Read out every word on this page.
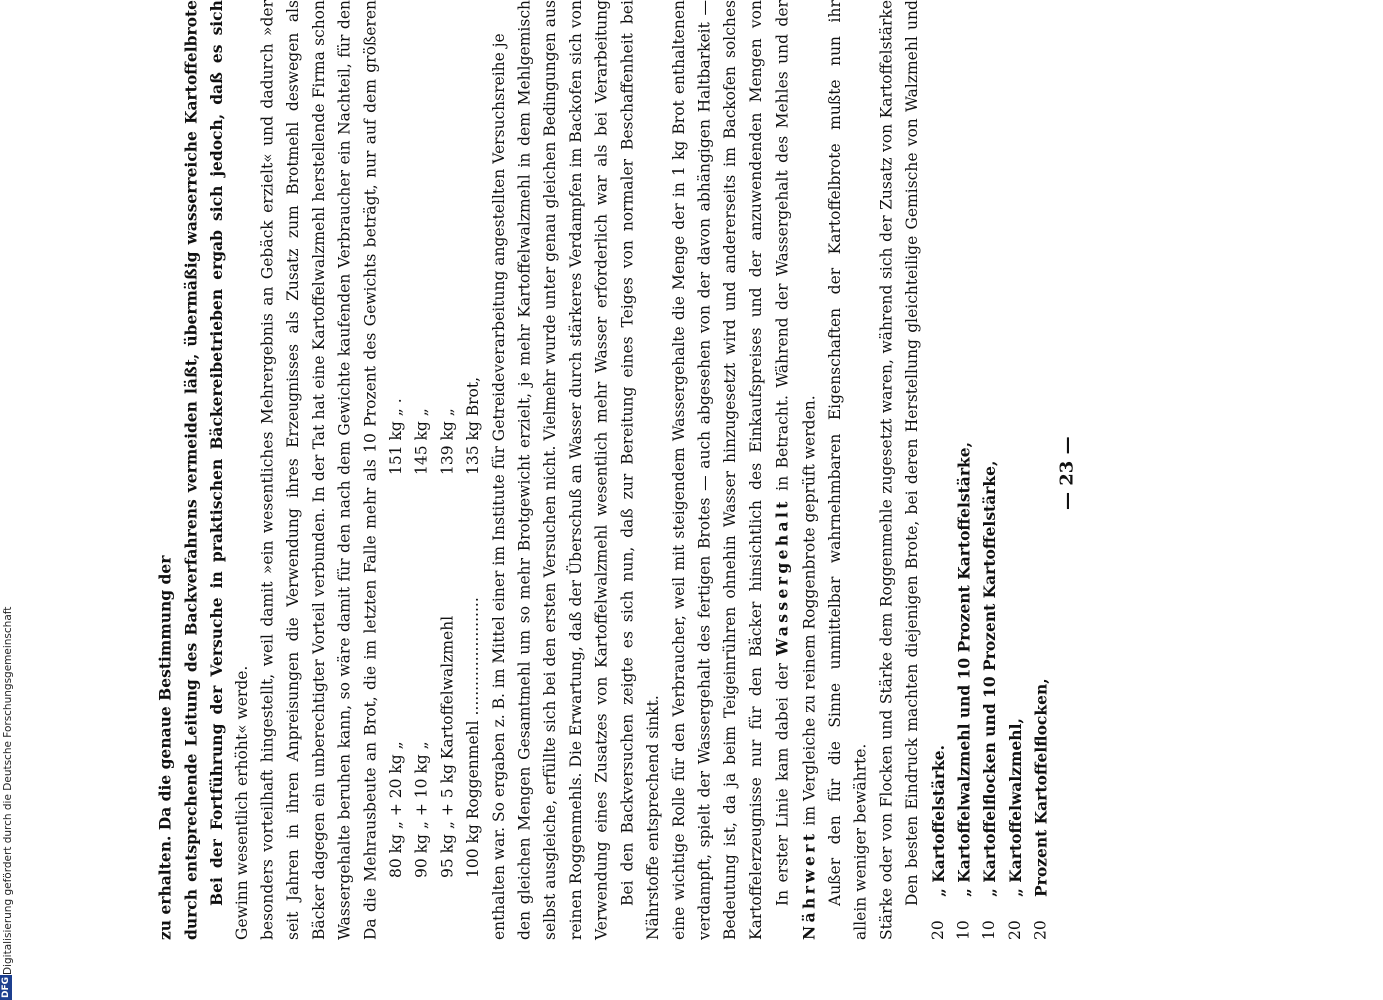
— 23 —
20
Prozent Kartoffelflocken,
20
„ Kartoffelwalzmehl,
10
„ Kartoffelflocken und 10 Prozent Kartoffelstärke,
10
„ Kartoffelwalzmehl und 10 Prozent Kartoffelstärke,
20
„ Kartoffelstärke.

Den besten Eindruck machten diejenigen Brote, bei deren Herstellung gleichteilige Gemische von Walzmehl und Stärke oder von Flocken und Stärke dem Roggenmehle zugesetzt waren, während sich der Zusatz von Kartoffelstärke allein weniger bewährte.

Außer den für die Sinne unmittelbar wahrnehmbaren Eigenschaften der Kartoffelbrote mußte nun ihr Nährwert im Vergleiche zu reinem Roggenbrote geprüft werden.

In erster Linie kam dabei der Wassergehalt in Betracht. Während der Wassergehalt des Mehles und der Kartoffelerzeugnisse nur für den Bäcker hinsichtlich des Einkaufspreises und der anzuwendenden Mengen von Bedeutung ist, da ja beim Teigeinrühren ohnehin Wasser hinzugesetzt wird und andererseits im Backofen solches verdampft, spielt der Wassergehalt des fertigen Brotes — auch abgesehen von der davon abhängigen Haltbarkeit — eine wichtige Rolle für den Verbraucher, weil mit steigendem Wassergehalte die Menge der in 1 kg Brot enthaltenen Nährstoffe entsprechend sinkt.

Bei den Backversuchen zeigte es sich nun, daß zur Bereitung eines Teiges von normaler Beschaffenheit bei Verwendung eines Zusatzes von Kartoffelwalzmehl wesentlich mehr Wasser erforderlich war als bei Verarbeitung reinen Roggenmehls. Die Erwartung, daß der Überschuß an Wasser durch stärkeres Verdampfen im Backofen sich von selbst ausgleiche, erfüllte sich bei den ersten Versuchen nicht. Vielmehr wurde unter genau gleichen Bedingungen aus den gleichen Mengen Gesamtmehl um so mehr Brotgewicht erzielt, je mehr Kartoffelwalzmehl in dem Mehlgemisch enthalten war. So ergaben z. B. im Mittel einer im Institute für Getreideverarbeitung angestellten Versuchsreihe je

100 kg Roggenmehl ........................
135 kg Brot,
95 kg „ + 5 kg Kartoffelwalzmehl
139 kg „
90 kg „ + 10 kg „
145 kg „
80 kg „ + 20 kg „
151 kg „ .

Da die Mehrausbeute an Brot, die im letzten Falle mehr als 10 Prozent des Gewichts beträgt, nur auf dem größeren Wassergehalte beruhen kann, so wäre damit für den nach dem Gewichte kaufenden Verbraucher ein Nachteil, für den Bäcker dagegen ein unberechtigter Vorteil verbunden. In der Tat hat eine Kartoffelwalzmehl herstellende Firma schon seit Jahren in ihren Anpreisungen die Verwendung ihres Erzeugnisses als Zusatz zum Brotmehl deswegen als besonders vorteilhaft hingestellt, weil damit »ein wesentliches Mehrergebnis an Gebäck erzielt« und dadurch »der Gewinn wesentlich erhöht« werde.

Bei der Fortführung der Versuche in praktischen Bäckereibetrieben ergab sich jedoch, daß es sich durch entsprechende Leitung des Backverfahrens vermeiden läßt, übermäßig wasserreiche Kartoffelbrote zu erhalten. Da die genaue Bestimmung der

DFG
Digitalisierung gefördert durch die Deutsche Forschungsgemeinschaft
